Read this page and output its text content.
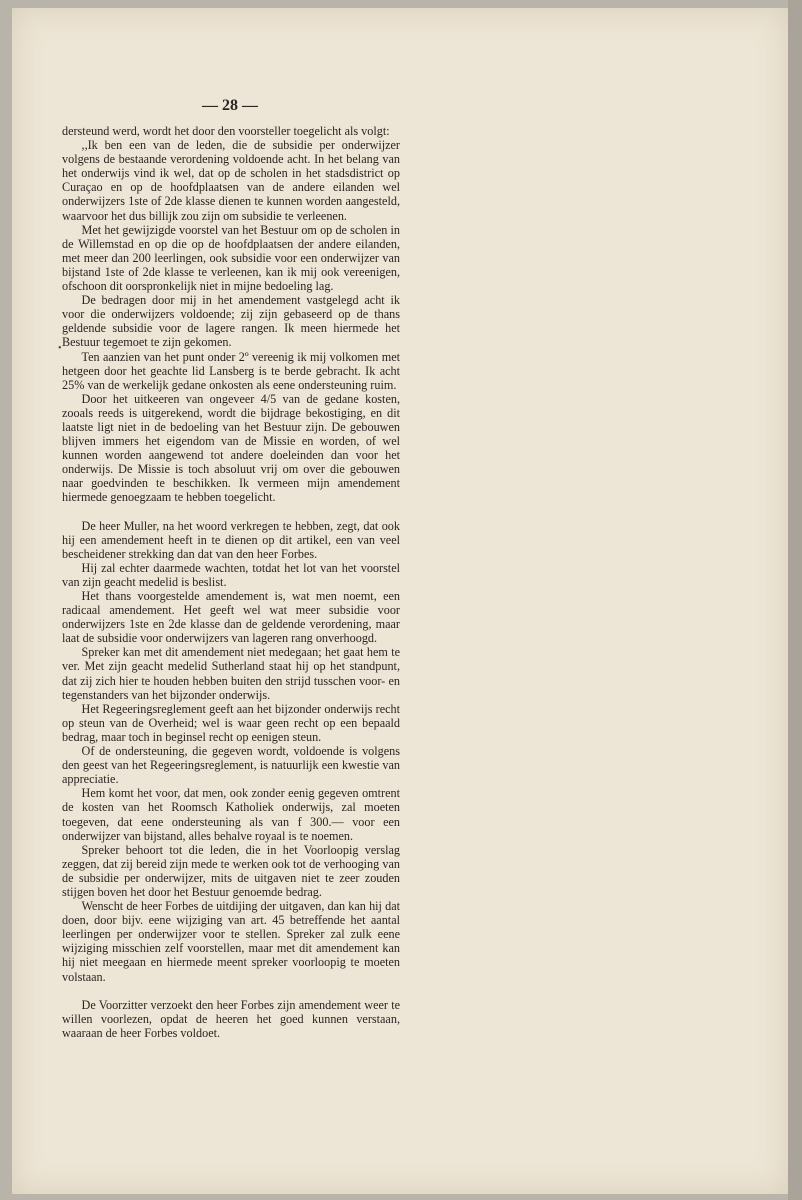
— 28 —
•

dersteund werd, wordt het door den voorsteller toegelicht als volgt:

,,Ik ben een van de leden, die de subsidie per onderwijzer volgens de bestaande verordening voldoende acht. In het belang van het onderwijs vind ik wel, dat op de scholen in het stadsdistrict op Curaçao en op de hoofdplaatsen van de andere eilanden wel onderwijzers 1ste of 2de klasse dienen te kunnen worden aangesteld, waarvoor het dus billijk zou zijn om subsidie te verleenen.

Met het gewijzigde voorstel van het Bestuur om op de scholen in de Willemstad en op die op de hoofdplaatsen der andere eilanden, met meer dan 200 leerlingen, ook subsidie voor een onderwijzer van bijstand 1ste of 2de klasse te verleenen, kan ik mij ook vereenigen, ofschoon dit oorspronkelijk niet in mijne bedoeling lag.

De bedragen door mij in het amendement vastgelegd acht ik voor die onderwijzers voldoende; zij zijn gebaseerd op de thans geldende subsidie voor de lagere rangen. Ik meen hiermede het Bestuur tegemoet te zijn gekomen.

Ten aanzien van het punt onder 2º vereenig ik mij volkomen met hetgeen door het geachte lid Lansberg is te berde gebracht. Ik acht 25% van de werkelijk gedane onkosten als eene ondersteuning ruim.

Door het uitkeeren van ongeveer 4/5 van de gedane kosten, zooals reeds is uitgerekend, wordt die bijdrage bekostiging, en dit laatste ligt niet in de bedoeling van het Bestuur zijn. De gebouwen blijven immers het eigendom van de Missie en worden, of wel kunnen worden aangewend tot andere doeleinden dan voor het onderwijs. De Missie is toch absoluut vrij om over die gebouwen naar goedvinden te beschikken. Ik vermeen mijn amendement hiermede genoegzaam te hebben toegelicht.

De heer Muller, na het woord verkregen te hebben, zegt, dat ook hij een amendement heeft in te dienen op dit artikel, een van veel bescheidener strekking dan dat van den heer Forbes.

Hij zal echter daarmede wachten, totdat het lot van het voorstel van zijn geacht medelid is beslist.

Het thans voorgestelde amendement is, wat men noemt, een radicaal amendement. Het geeft wel wat meer subsidie voor onderwijzers 1ste en 2de klasse dan de geldende verordening, maar laat de subsidie voor onderwijzers van lageren rang onverhoogd.

Spreker kan met dit amendement niet medegaan; het gaat hem te ver. Met zijn geacht medelid Sutherland staat hij op het standpunt, dat zij zich hier te houden hebben buiten den strijd tusschen voor- en tegenstanders van het bijzonder onderwijs.

Het Regeeringsreglement geeft aan het bijzonder onderwijs recht op steun van de Overheid; wel is waar geen recht op een bepaald bedrag, maar toch in beginsel recht op eenigen steun.

Of de ondersteuning, die gegeven wordt, voldoende is volgens den geest van het Regeeringsreglement, is natuurlijk een kwestie van appreciatie.

Hem komt het voor, dat men, ook zonder eenig gegeven omtrent de kosten van het Roomsch Katholiek onderwijs, zal moeten toegeven, dat eene ondersteuning als van f 300.— voor een onderwijzer van bijstand, alles behalve royaal is te noemen.

Spreker behoort tot die leden, die in het Voorloopig verslag zeggen, dat zij bereid zijn mede te werken ook tot de verhooging van de subsidie per onderwijzer, mits de uitgaven niet te zeer zouden stijgen boven het door het Bestuur genoemde bedrag.

Wenscht de heer Forbes de uitdijing der uitgaven, dan kan hij dat doen, door bijv. eene wijziging van art. 45 betreffende het aantal leerlingen per onderwijzer voor te stellen. Spreker zal zulk eene wijziging misschien zelf voorstellen, maar met dit amendement kan hij niet meegaan en hiermede meent spreker voorloopig te moeten volstaan.

De Voorzitter verzoekt den heer Forbes zijn amendement weer te willen voorlezen, opdat de heeren het goed kunnen verstaan, waaraan de heer Forbes voldoet.
